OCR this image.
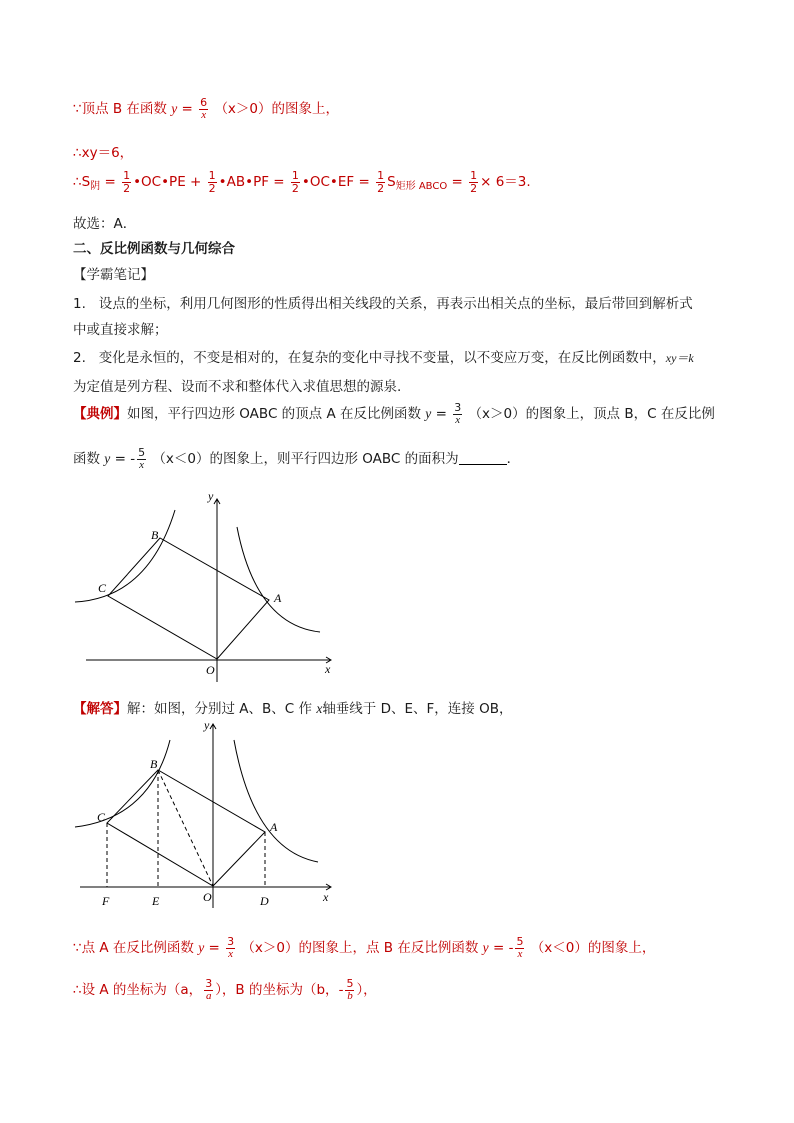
∵顶点 B 在函数 $y = \frac{6}{x} (x>0)$的图象上，
∴xy＝6，
$\therefore S_阴 = \frac{1}{2}$ •OC•PE + $\frac{1}{2}$ •AB•PF = $\frac{1}{2}$ •OC•EF = $\frac{1}{2} S_{矩形 ABCO} = \frac{1}{2} \times 6=3$.
故选：A．
二、反比例函数与几何综合
【学霸笔记】
1. 设点的坐标，利用几何图形的性质得出相关线段的关系，再表示出相关点的坐标，最后带回到解析式
中或直接求解；
2. 变化是永恒的，不变是相对的，在复杂的变化中寻找不变量，以不变应万变，在反比例函数中，xy＝k
为定值是列方程、设而不求和整体代入求值思想的源泉.
【典例】如图，平行四边形 OABC 的顶点 A 在反比例函数 $y = \frac{3}{x} (x>0)$的图象上，顶点 B，C 在反比例
函数 y = - $\frac{5}{x} (x<0)$的图象上，则平行四边形 OABC 的面积为	．
B
C
A
O	x
y
【解答】解：如图，分别过 A、B、C 作 x轴垂线于 D、E、F，连接 OB，
B
C
A
O
F	E	D	x
y
∵点 A 在反比例函数 $y = \frac{3}{x} (x>0)$的图象上，点 B 在反比例函数 y = - $\frac{5}{x} (x<0)$的图象上，
∴设 A 的坐标为（a， $\frac{3}{a}$ ），B 的坐标为（b，- $\frac{5}{b}$ ），
